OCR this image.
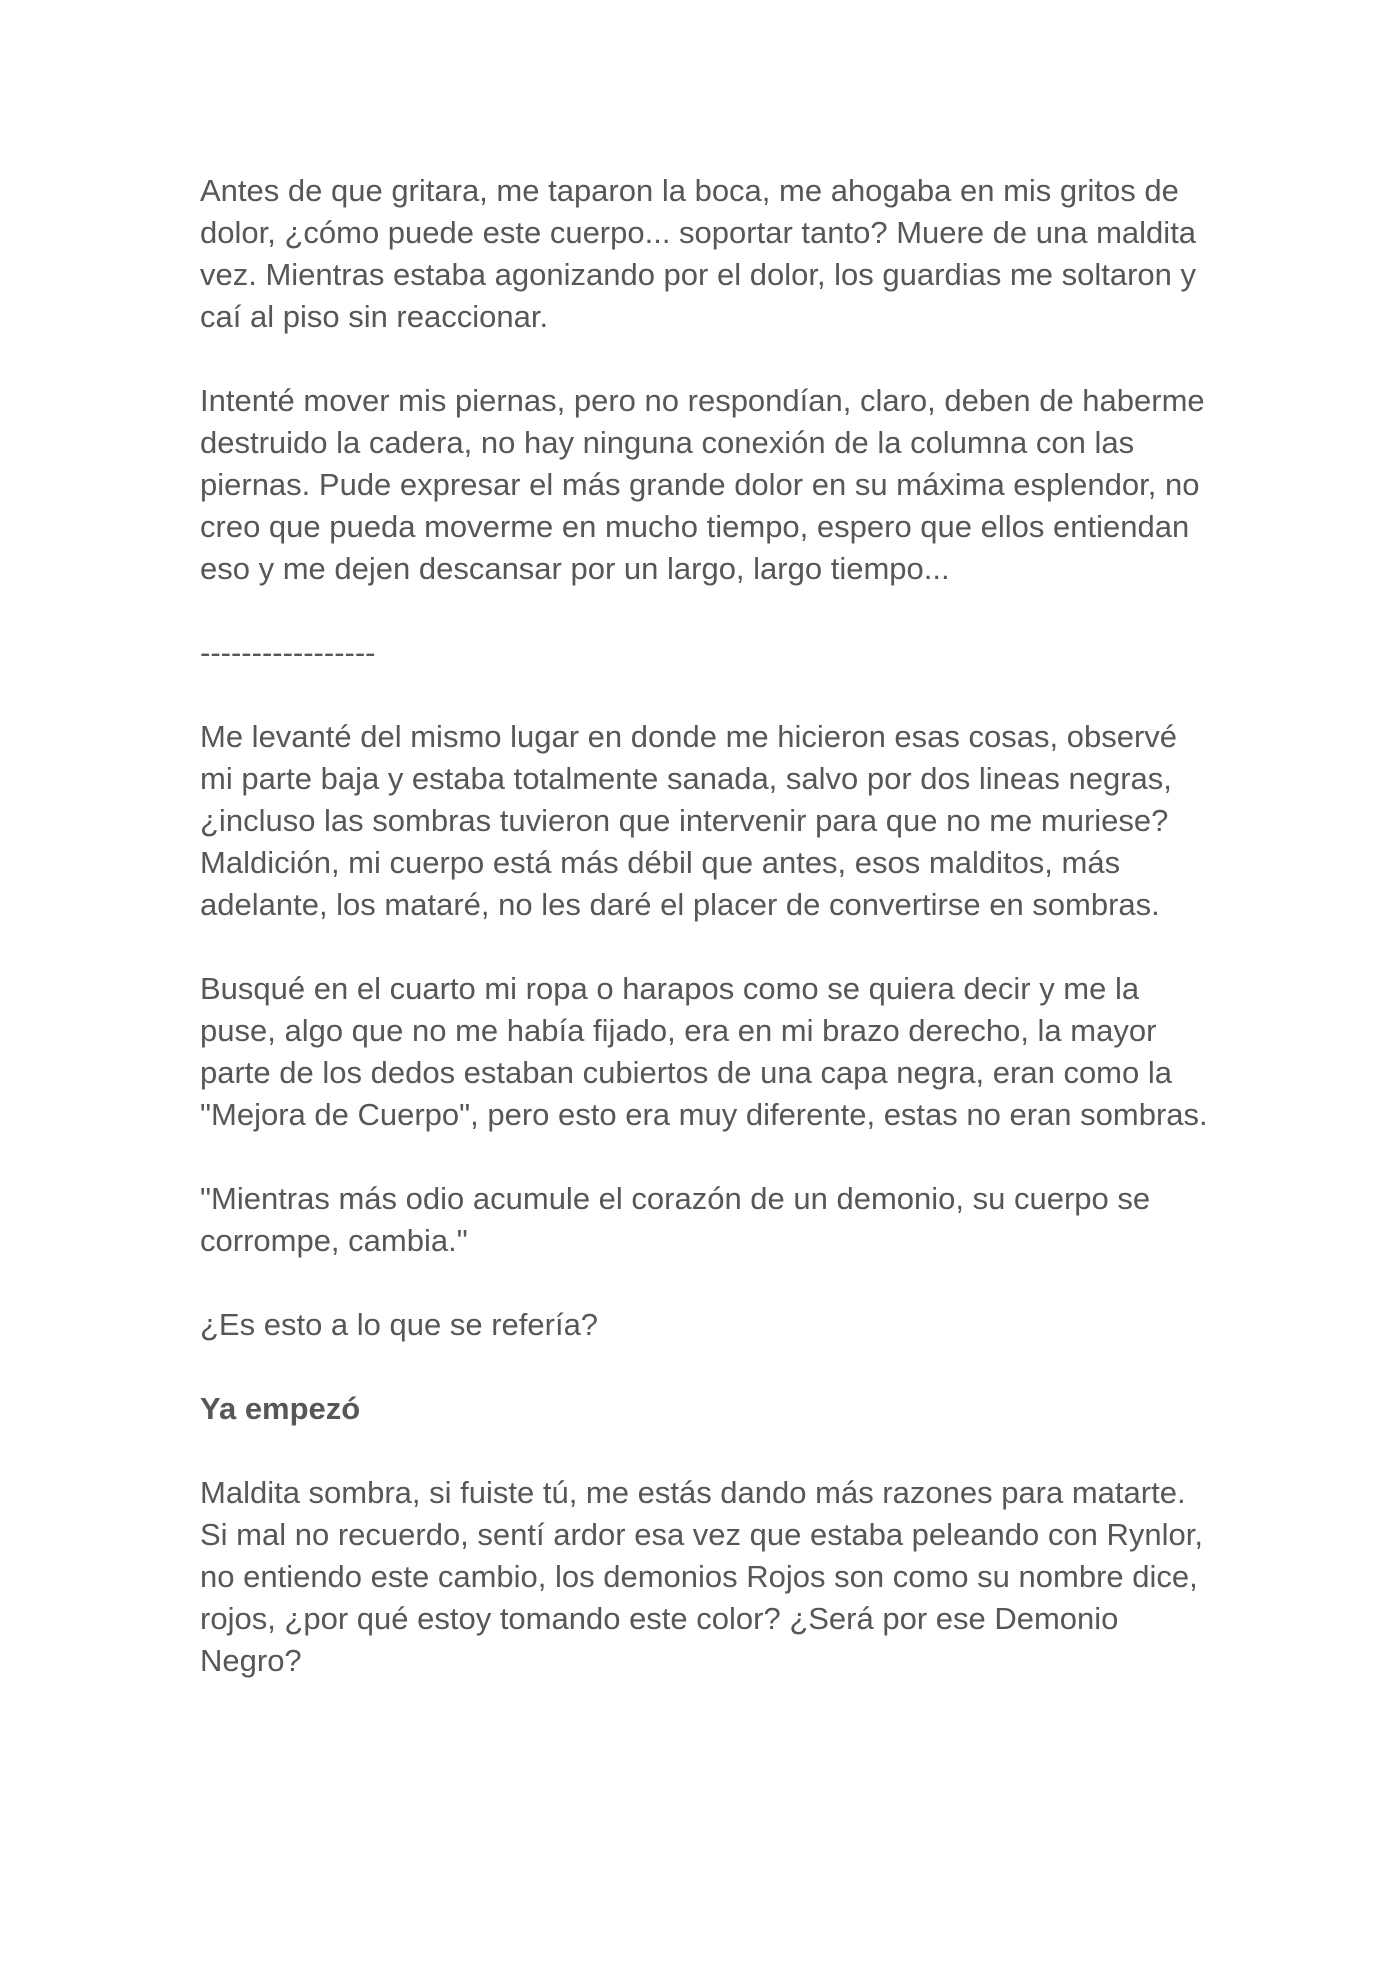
Antes de que gritara, me taparon la boca, me ahogaba en mis gritos de dolor, ¿cómo puede este cuerpo... soportar tanto? Muere de una maldita vez. Mientras estaba agonizando por el dolor, los guardias me soltaron y caí al piso sin reaccionar.

Intenté mover mis piernas, pero no respondían, claro, deben de haberme destruido la cadera, no hay ninguna conexión de la columna con las piernas. Pude expresar el más grande dolor en su máxima esplendor, no creo que pueda moverme en mucho tiempo, espero que ellos entiendan eso y me dejen descansar por un largo, largo tiempo...

-----------------

Me levanté del mismo lugar en donde me hicieron esas cosas, observé mi parte baja y estaba totalmente sanada, salvo por dos lineas negras, ¿incluso las sombras tuvieron que intervenir para que no me muriese? Maldición, mi cuerpo está más débil que antes, esos malditos, más adelante, los mataré, no les daré el placer de convertirse en sombras.

Busqué en el cuarto mi ropa o harapos como se quiera decir y me la puse, algo que no me había fijado, era en mi brazo derecho, la mayor parte de los dedos estaban cubiertos de una capa negra, eran como la "Mejora de Cuerpo", pero esto era muy diferente, estas no eran sombras.

"Mientras más odio acumule el corazón de un demonio, su cuerpo se corrompe, cambia."

¿Es esto a lo que se refería?

Ya empezó

Maldita sombra, si fuiste tú, me estás dando más razones para matarte. Si mal no recuerdo, sentí ardor esa vez que estaba peleando con Rynlor, no entiendo este cambio, los demonios Rojos son como su nombre dice, rojos, ¿por qué estoy tomando este color? ¿Será por ese Demonio Negro?
